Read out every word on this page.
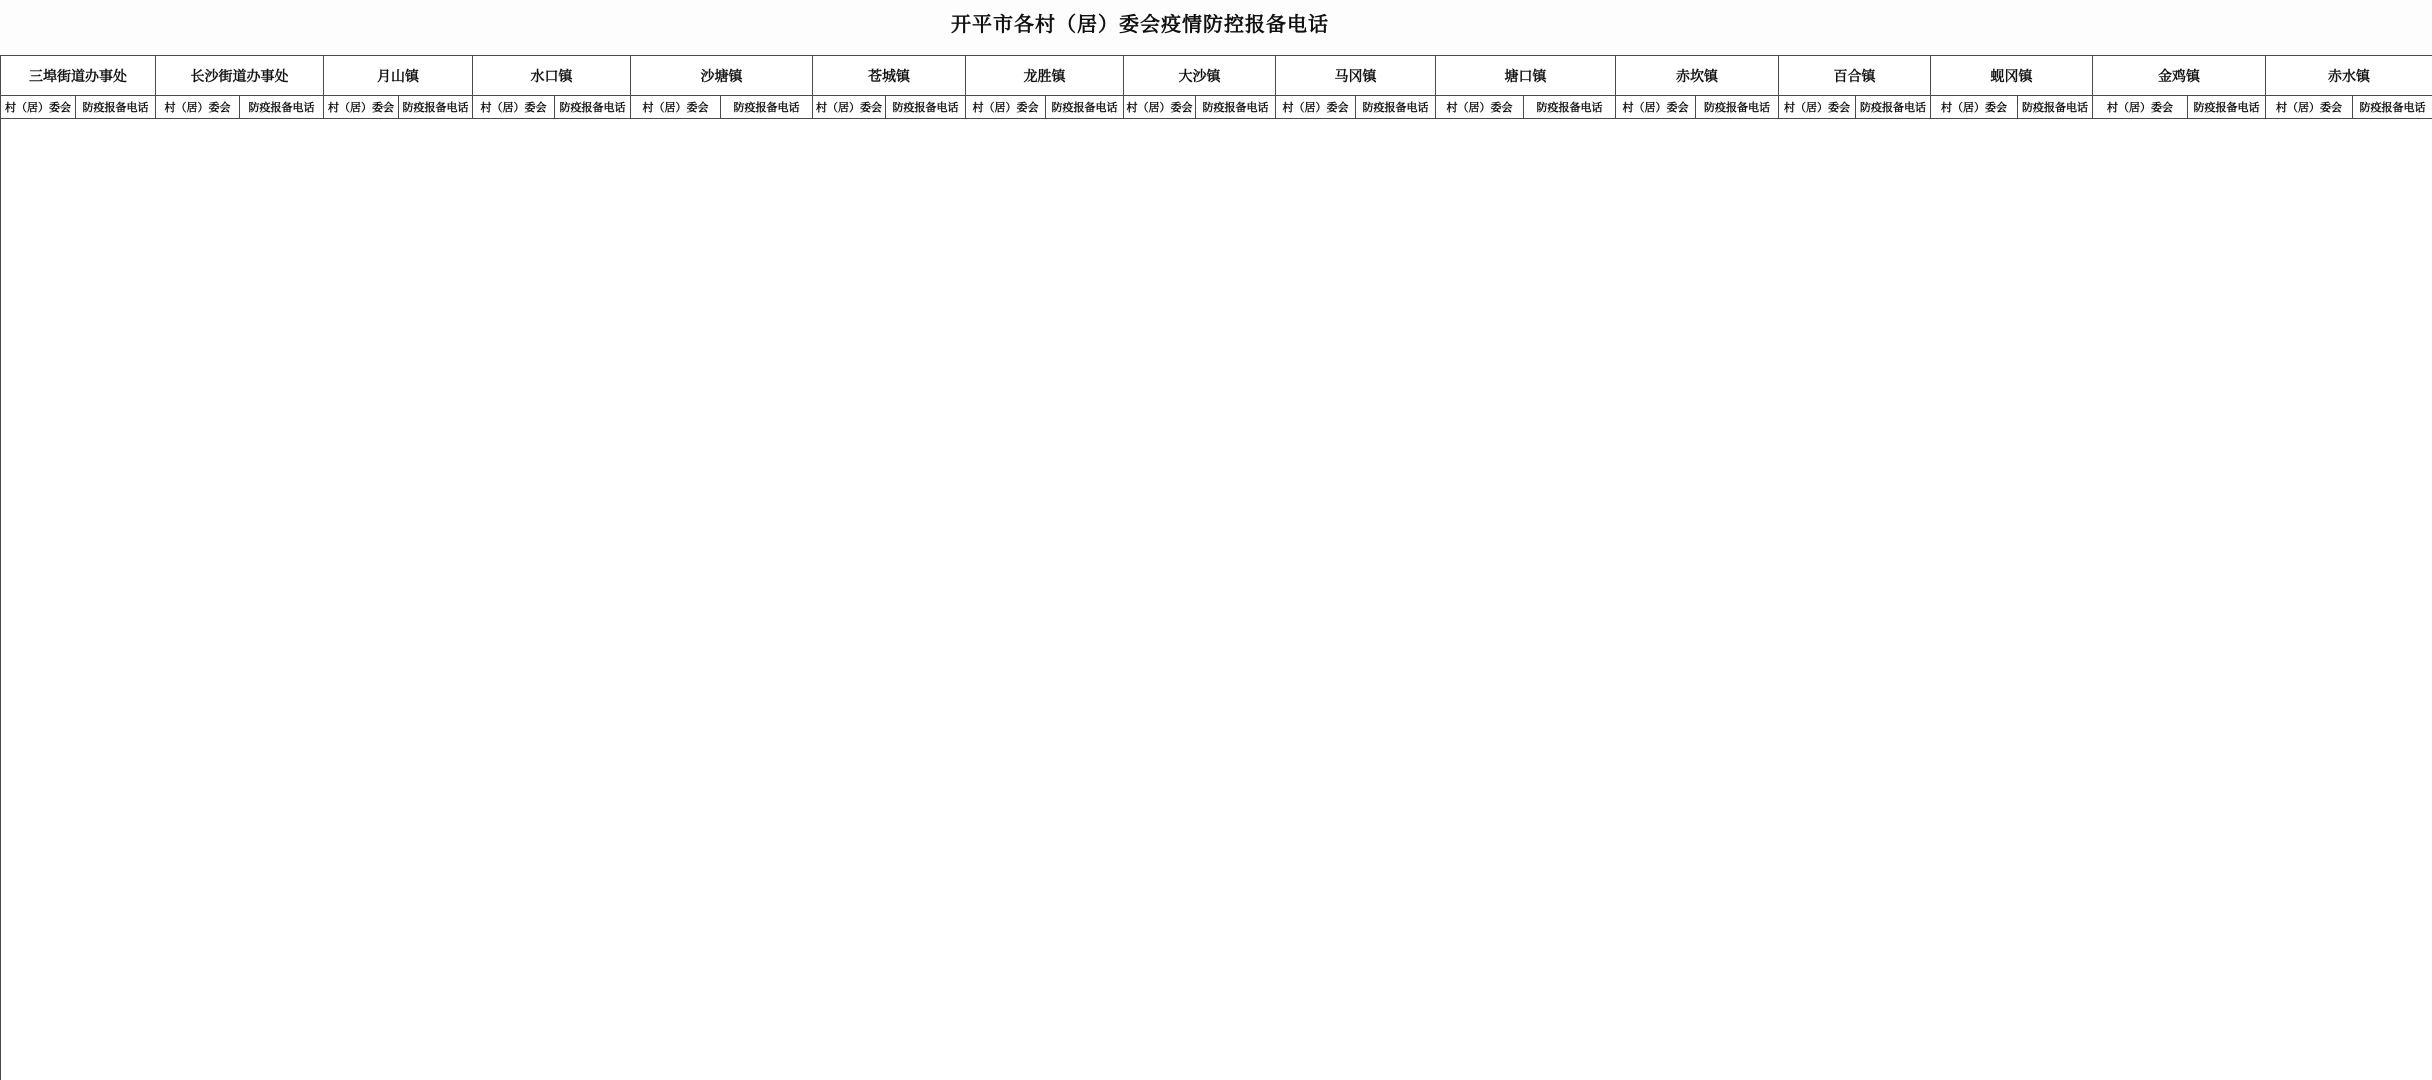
开平市各村（居）委会疫情防控报备电话
三埠街道办事处
村（居）委会	防疫报备电话
长沙街道办事处
村（居）委会	防疫报备电话
月山镇
村（居）委会 防疫报备电话
水口镇
村（居）委会	防疫报备电话
沙塘镇
村（居）委会	防疫报备电话
苍城镇
村（居）委会 防疫报备电话
龙胜镇
村（居）委会	防疫报备电话
大沙镇
村（居）委会 防疫报备电话
马冈镇
村（居）委会	防疫报备电话
塘口镇
村（居）委会	防疫报备电话
赤坎镇
村（居）委会	防疫报备电话
百合镇
村（居）委会 防疫报备电话
蚬冈镇
村（居）委会	防疫报备电话
金鸡镇
村（居）委会	防疫报备电话
赤水镇
村（居）委会	防疫报备电话
